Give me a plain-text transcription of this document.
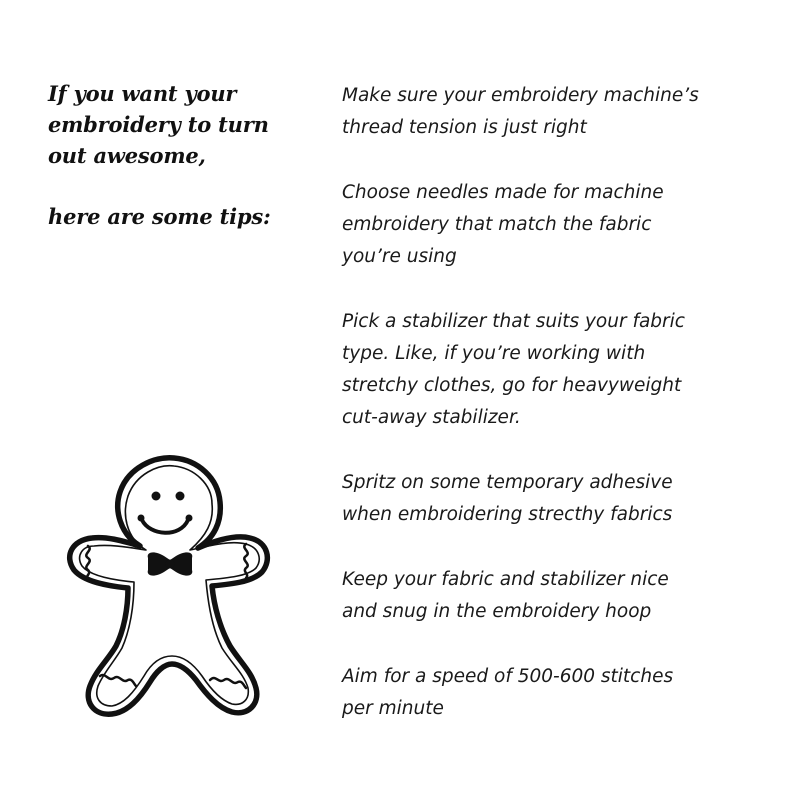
If you want your
embroidery to turn
out awesome,
here are some tips:
Make sure your embroidery machine’s
thread tension is just right
Choose needles made for machine
embroidery that match the fabric
you’re using
Pick a stabilizer that suits your fabric
type. Like, if you’re working with
stretchy clothes, go for heavyweight
cut-away stabilizer.
Spritz on some temporary adhesive
when embroidering strecthy fabrics
Keep your fabric and stabilizer nice
and snug in the embroidery hoop
Aim for a speed of 500-600 stitches
per minute
